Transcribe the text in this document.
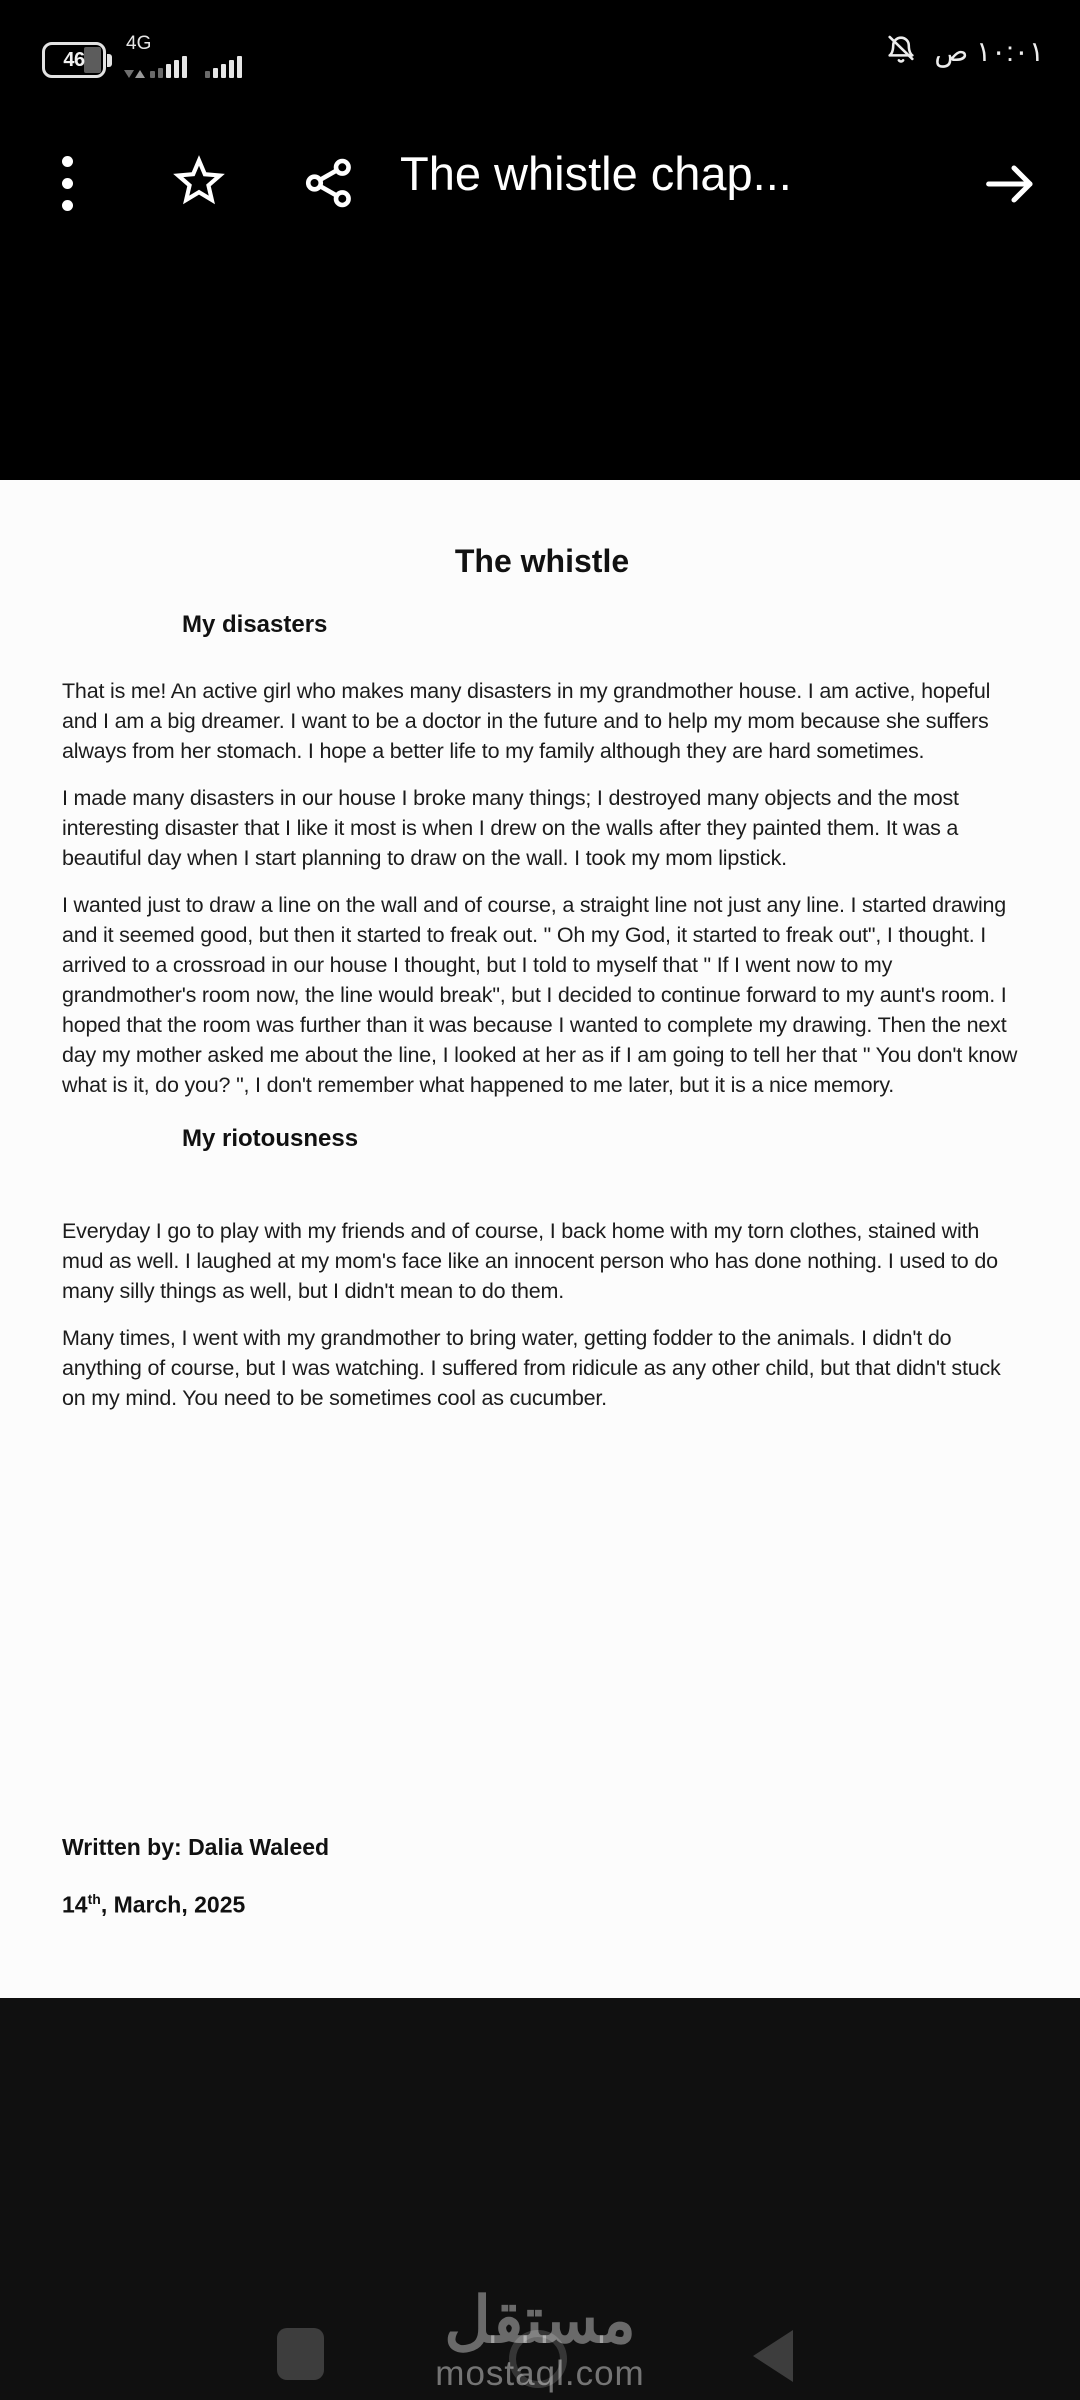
46
4G	١٠:٠١ ص
The whistle chap...
The whistle
My disasters

That is me! An active girl who makes many disasters in my grandmother house. I am active, hopeful and I am a big dreamer. I want to be a doctor in the future and to help my mom because she suffers always from her stomach. I hope a better life to my family although they are hard sometimes.

I made many disasters in our house I broke many things; I destroyed many objects and the most interesting disaster that I like it most is when I drew on the walls after they painted them. It was a beautiful day when I start planning to draw on the wall. I took my mom lipstick.

I wanted just to draw a line on the wall and of course, a straight line not just any line. I started drawing and it seemed good, but then it started to freak out. " Oh my God, it started to freak out", I thought. I arrived to a crossroad in our house I thought, but I told to myself that " If I went now to my grandmother's room now, the line would break", but I decided to continue forward to my aunt's room. I hoped that the room was further than it was because I wanted to complete my drawing. Then the next day my mother asked me about the line, I looked at her as if I am going to tell her that " You don't know what is it, do you? ", I don't remember what happened to me later, but it is a nice memory.

My riotousness

Everyday I go to play with my friends and of course, I back home with my torn clothes, stained with mud as well. I laughed at my mom's face like an innocent person who has done nothing. I used to do many silly things as well, but I didn't mean to do them.

Many times, I went with my grandmother to bring water, getting fodder to the animals. I didn't do anything of course, but I was watching. I suffered from ridicule as any other child, but that didn't stuck on my mind. You need to be sometimes cool as cucumber.

Written by: Dalia Waleed
14th, March, 2025
مستقل
mostaql.com
